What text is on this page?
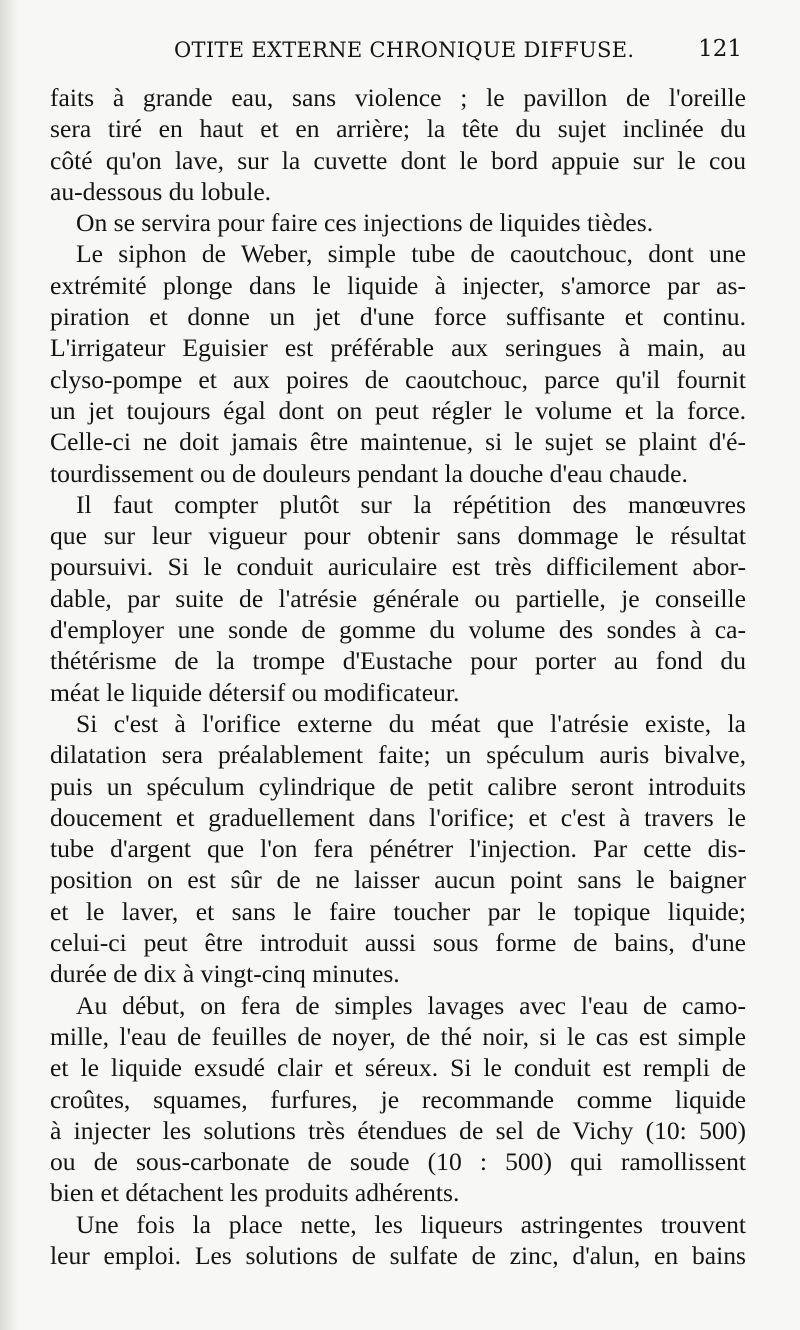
OTITE EXTERNE CHRONIQUE DIFFUSE.	121
faits à grande eau, sans violence ; le pavillon de l'oreille
sera tiré en haut et en arrière; la tête du sujet inclinée du
côté qu'on lave, sur la cuvette dont le bord appuie sur le cou
au-dessous du lobule.
On se servira pour faire ces injections de liquides tièdes.
Le siphon de Weber, simple tube de caoutchouc, dont une
extrémité plonge dans le liquide à injecter, s'amorce par as-
piration et donne un jet d'une force suffisante et continu.
L'irrigateur Eguisier est préférable aux seringues à main, au
clyso-pompe et aux poires de caoutchouc, parce qu'il fournit
un jet toujours égal dont on peut régler le volume et la force.
Celle-ci ne doit jamais être maintenue, si le sujet se plaint d'é-
tourdissement ou de douleurs pendant la douche d'eau chaude.
Il faut compter plutôt sur la répétition des manœuvres
que sur leur vigueur pour obtenir sans dommage le résultat
poursuivi. Si le conduit auriculaire est très difficilement abor-
dable, par suite de l'atrésie générale ou partielle, je conseille
d'employer une sonde de gomme du volume des sondes à ca-
thétérisme de la trompe d'Eustache pour porter au fond du
méat le liquide détersif ou modificateur.
Si c'est à l'orifice externe du méat que l'atrésie existe, la
dilatation sera préalablement faite; un spéculum auris bivalve,
puis un spéculum cylindrique de petit calibre seront introduits
doucement et graduellement dans l'orifice; et c'est à travers le
tube d'argent que l'on fera pénétrer l'injection. Par cette dis-
position on est sûr de ne laisser aucun point sans le baigner
et le laver, et sans le faire toucher par le topique liquide;
celui-ci peut être introduit aussi sous forme de bains, d'une
durée de dix à vingt-cinq minutes.
Au début, on fera de simples lavages avec l'eau de camo-
mille, l'eau de feuilles de noyer, de thé noir, si le cas est simple
et le liquide exsudé clair et séreux. Si le conduit est rempli de
croûtes, squames, furfures, je recommande comme liquide
à injecter les solutions très étendues de sel de Vichy (10: 500)
ou de sous-carbonate de soude (10 : 500) qui ramollissent
bien et détachent les produits adhérents.
Une fois la place nette, les liqueurs astringentes trouvent
leur emploi. Les solutions de sulfate de zinc, d'alun, en bains
